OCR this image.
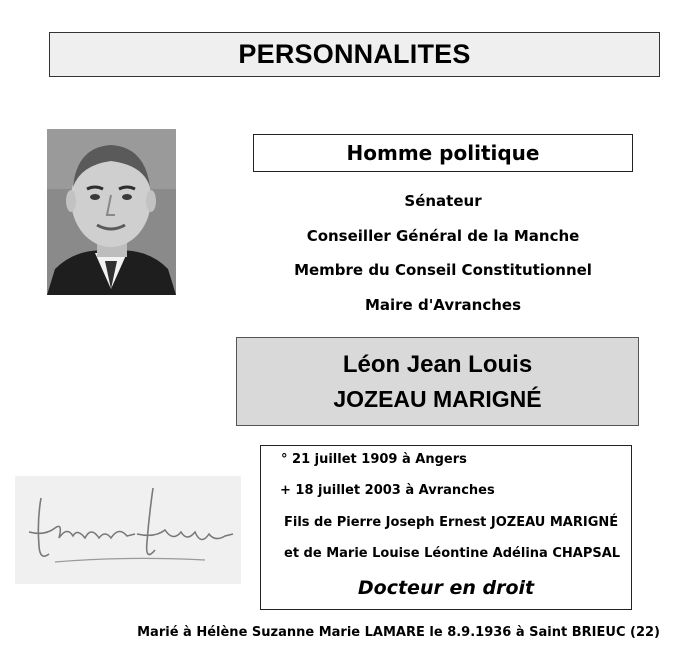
PERSONNALITES
Homme politique
Sénateur
Conseiller Général de la Manche
Membre du Conseil Constitutionnel
Maire d'Avranches
Léon Jean Louis
JOZEAU MARIGNÉ
° 21 juillet 1909 à Angers
+ 18 juillet 2003 à Avranches
Fils de Pierre Joseph Ernest JOZEAU MARIGNÉ
et de Marie Louise Léontine Adélina CHAPSAL
Docteur en droit
Marié à Hélène Suzanne Marie LAMARE le 8.9.1936 à Saint BRIEUC (22)
